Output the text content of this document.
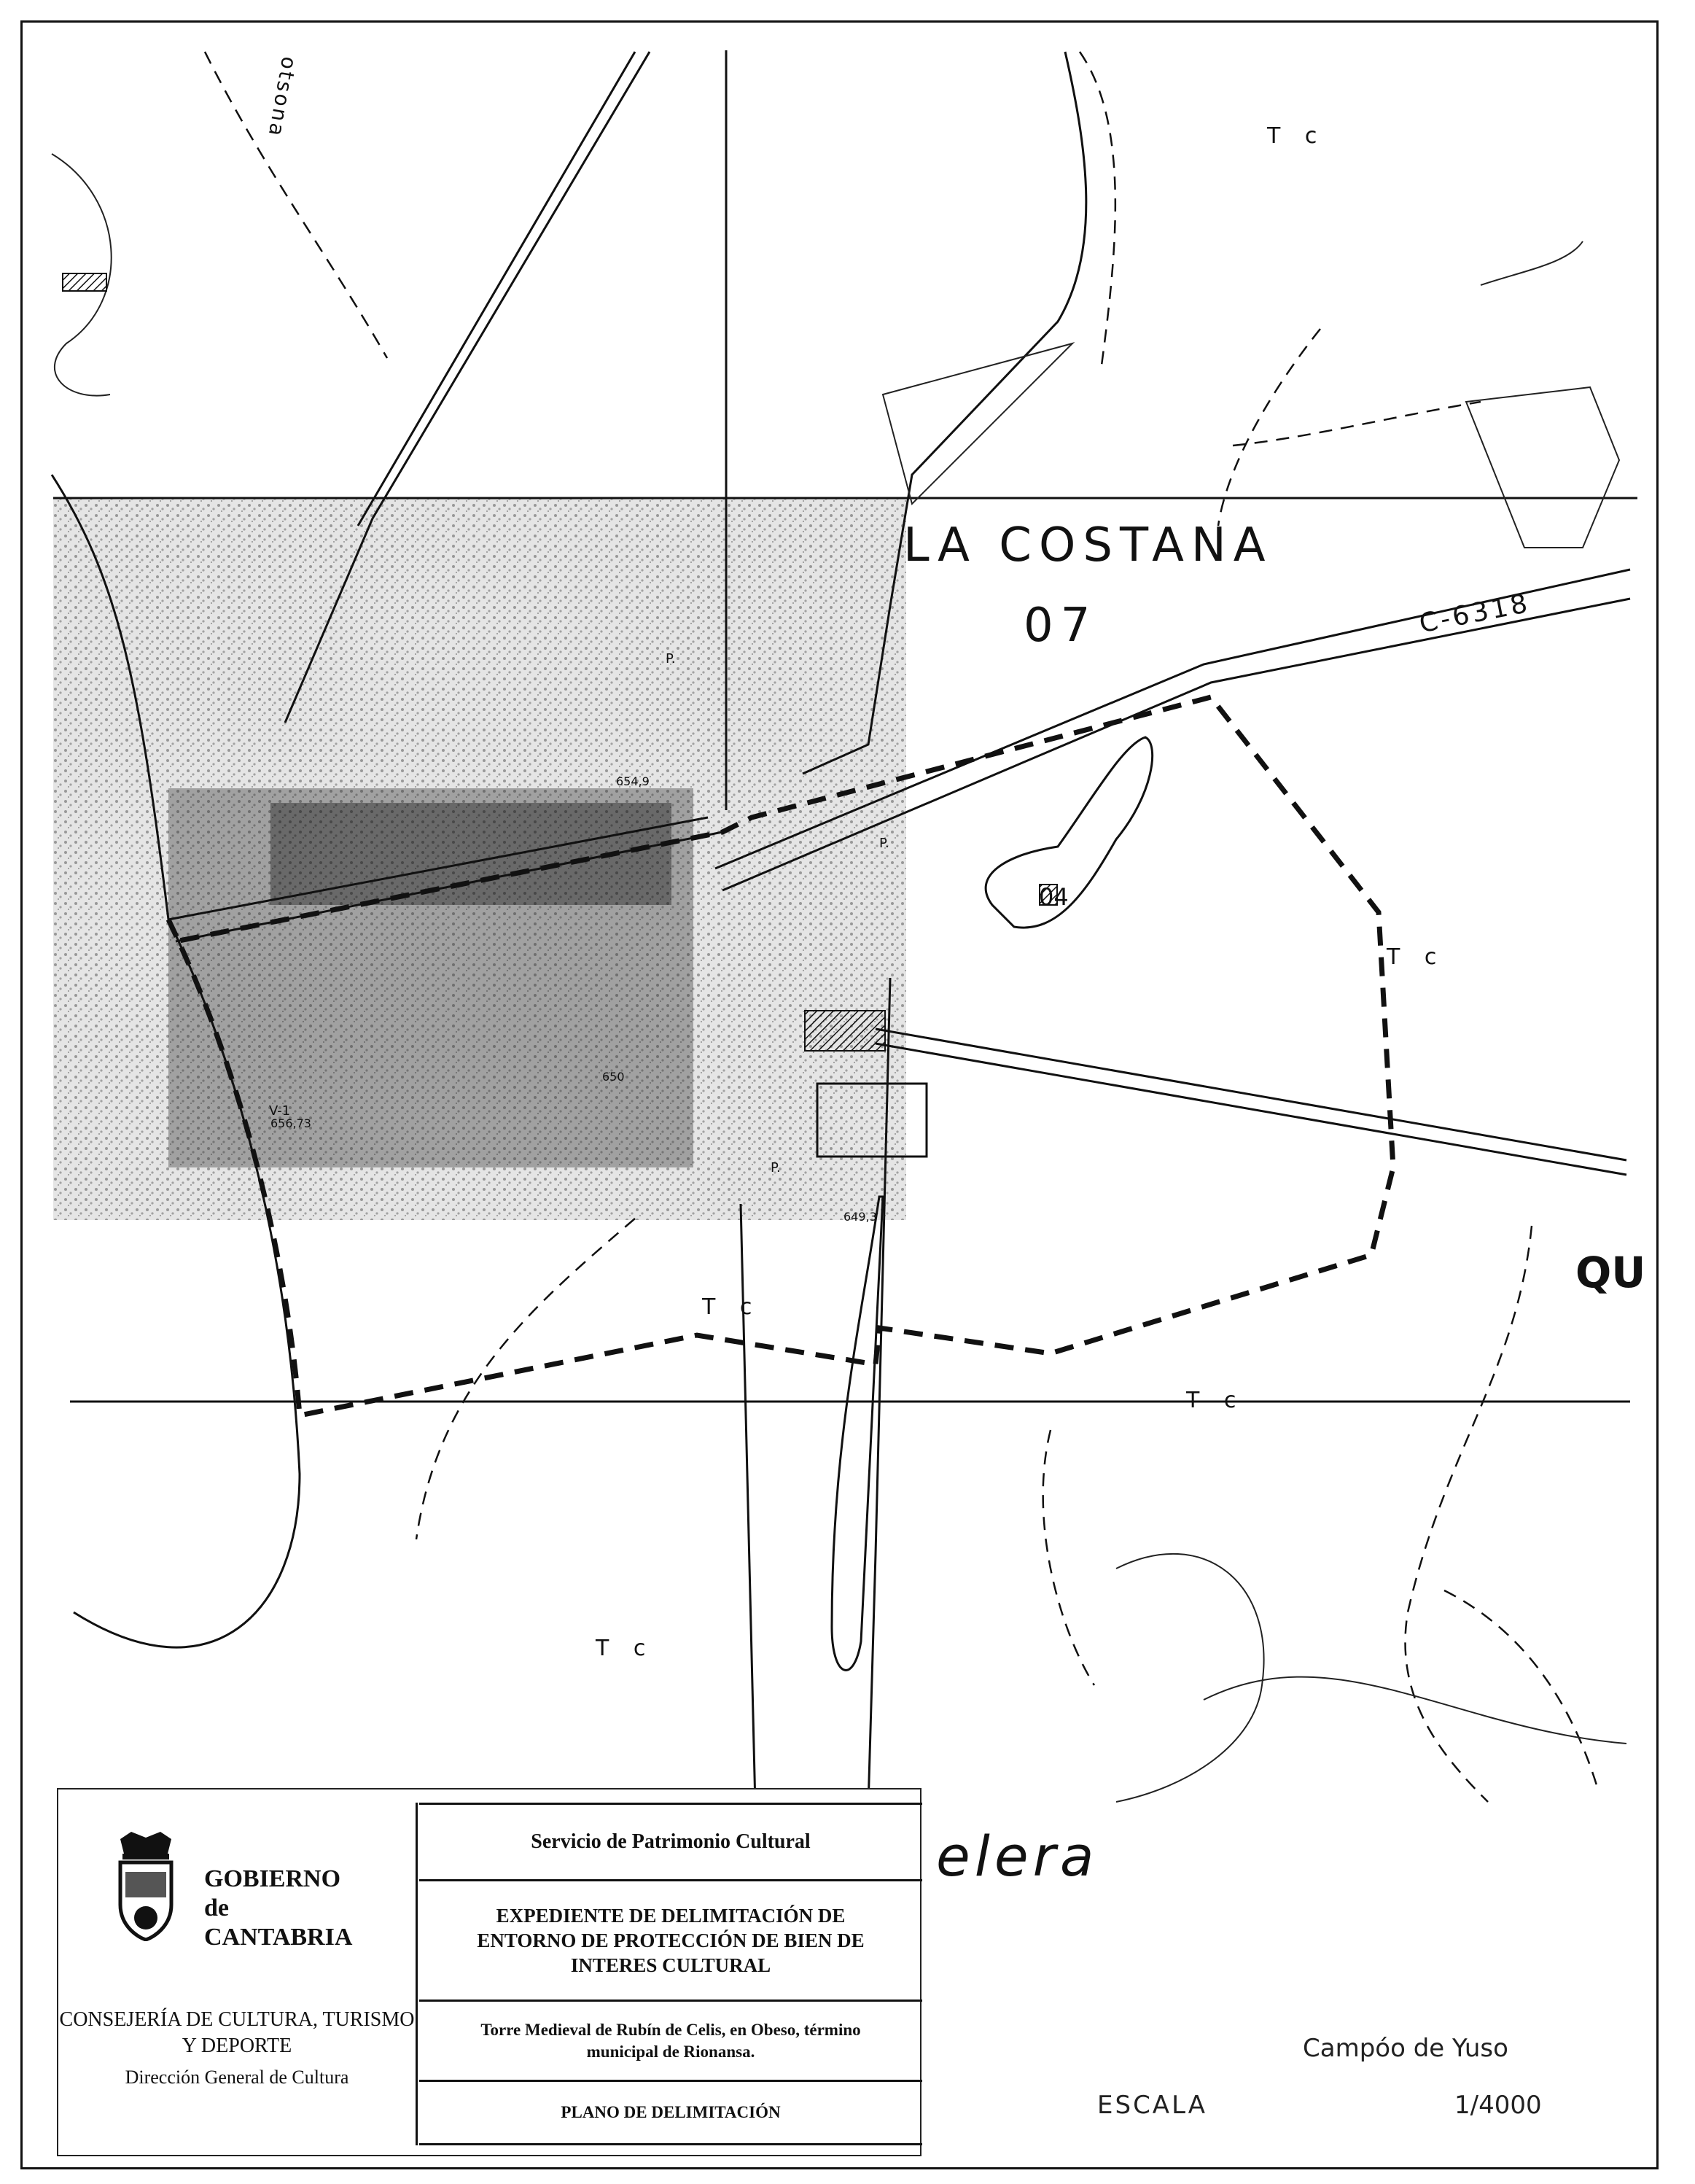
LA COSTANA
07	C-6318
04
QU
elera
otsona	T c
T c
T c
T c
T c
P.
P.
P.
V-1
654,9
649,3
650
656,73
Campóo de Yuso
ESCALA	1/4000
GOBIERNO
de
CANTABRIA
CONSEJERÍA DE CULTURA, TURISMO Y DEPORTE
Dirección General de Cultura
Servicio de Patrimonio Cultural
EXPEDIENTE DE DELIMITACIÓN DE ENTORNO DE PROTECCIÓN DE BIEN DE INTERES CULTURAL
Torre Medieval de Rubín de Celis, en Obeso, término municipal de Rionansa.
PLANO DE DELIMITACIÓN
